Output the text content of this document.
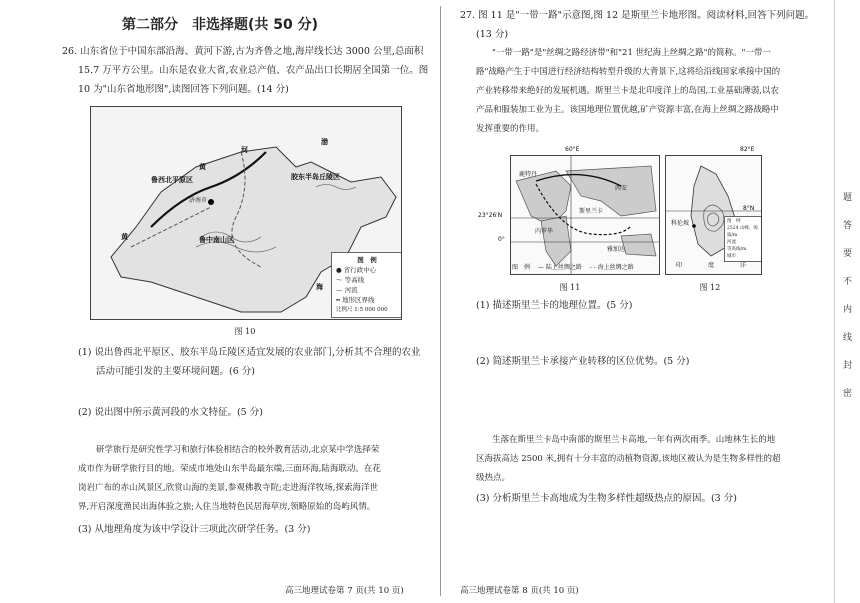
第二部分　非选择题(共 50 分)
26. 山东省位于中国东部沿海、黄河下游,古为齐鲁之地,海岸线长达 3000 公里,总面积
15.7 万平方公里。山东是农业大省,农业总产值、农产品出口长期居全国第一位。图
10 为"山东省地形图",读图回答下列问题。(14 分)
鲁西北平原区	胶东半岛丘陵区
鲁中南山区
济南市
河
黄
渤
黄
海
图　例
● 省行政中心
～ 等高线
— 河流
━ 地形区界线
比例尺 1:5 000 000
图 10
(1) 说出鲁西北平原区、胶东半岛丘陵区适宜发展的农业部门,分析其不合理的农业
活动可能引发的主要环境问题。(6 分)
(2) 说出图中所示黄河段的水文特征。(5 分)
研学旅行是研究性学习和旅行体验相结合的校外教育活动,北京某中学选择荣
成市作为研学旅行目的地。荣成市地处山东半岛最东端,三面环海,陆海联动。在花
岗岩广布的赤山风景区,欣赏山海的美景,参观佛教寺院;走进海洋牧场,探索海洋世
界,开启深度渔民出海体验之旅;入住当地特色民居海草房,领略原始的岛屿风情。
(3) 从地理角度为该中学设计三项此次研学任务。(3 分)
高三地理试卷第 7 页(共 10 页)
27. 图 11 是"一带一路"示意图,图 12 是斯里兰卡地形图。阅读材料,回答下列问题。
(13 分)
"一带一路"是"丝绸之路经济带"和"21 世纪海上丝绸之路"的简称。"一带一
路"战略产生于中国进行经济结构转型升级的大背景下,这将给沿线国家承接中国的
产业转移带来绝好的发展机遇。斯里兰卡是北印度洋上的岛国,工业基础薄弱,以农
产品和服装加工业为主。该国地理位置优越,矿产资源丰富,在海上丝绸之路战略中
发挥重要的作用。
鹿特丹
西安
斯里兰卡
内罗毕
雅加达
60°E
23°26′N
0°
图　例 　— 陆上丝绸之路 　- - 海上丝绸之路
科伦坡
印	度	洋
图　例
2524 山峰、海拔/m
河流
等高线/m
城市
82°E
8°N
图 11	图 12
(1) 描述斯里兰卡的地理位置。(5 分)
(2) 简述斯里兰卡承接产业转移的区位优势。(5 分)
生落在斯里兰卡岛中南部的斯里兰卡高地,一年有两次雨季。山地林生长的地
区海拔高达 2500 米,拥有十分丰富的动植物资源,该地区被认为是生物多样性的超
级热点。
(3) 分析斯里兰卡高地成为生物多样性超级热点的原因。(3 分)
高三地理试卷第 8 页(共 10 页)
题
答
要
不
内
线
封
密
